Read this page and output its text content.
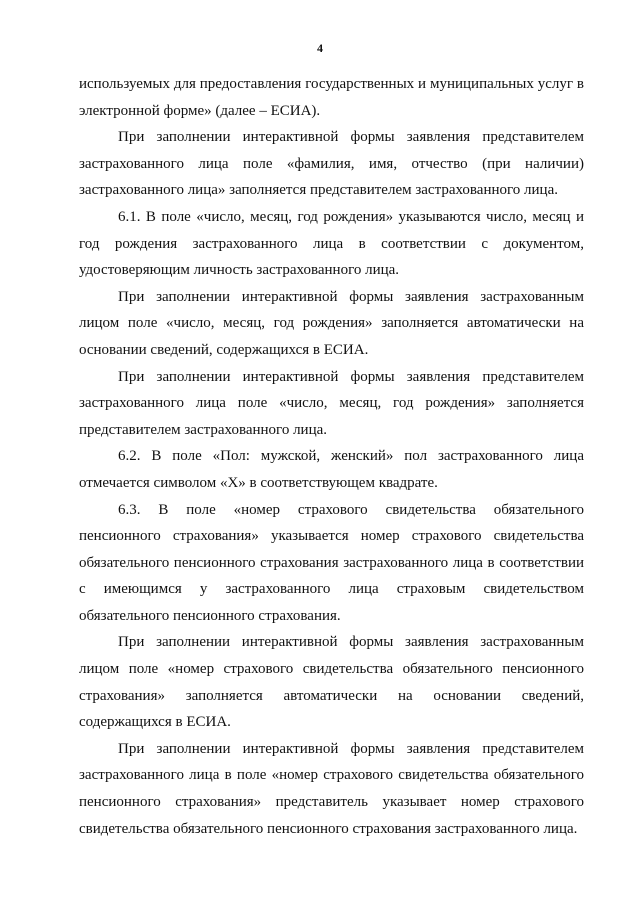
4

используемых для предоставления государственных и муниципальных услуг в электронной форме» (далее – ЕСИА).

При заполнении интерактивной формы заявления представителем застрахованного лица поле «фамилия, имя, отчество (при наличии) застрахованного лица» заполняется представителем застрахованного лица.

6.1. В поле «число, месяц, год рождения» указываются число, месяц и год рождения застрахованного лица в соответствии с документом, удостоверяющим личность застрахованного лица.

При заполнении интерактивной формы заявления застрахованным лицом поле «число, месяц, год рождения» заполняется автоматически на основании сведений, содержащихся в ЕСИА.

При заполнении интерактивной формы заявления представителем застрахованного лица поле «число, месяц, год рождения» заполняется представителем застрахованного лица.

6.2. В поле «Пол: мужской, женский» пол застрахованного лица отмечается символом «Х» в соответствующем квадрате.

6.3. В поле «номер страхового свидетельства обязательного пенсионного страхования» указывается номер страхового свидетельства обязательного пенсионного страхования застрахованного лица в соответствии с имеющимся у застрахованного лица страховым свидетельством обязательного пенсионного страхования.

При заполнении интерактивной формы заявления застрахованным лицом поле «номер страхового свидетельства обязательного пенсионного страхования» заполняется автоматически на основании сведений, содержащихся в ЕСИА.

При заполнении интерактивной формы заявления представителем застрахованного лица в поле «номер страхового свидетельства обязательного пенсионного страхования» представитель указывает номер страхового свидетельства обязательного пенсионного страхования застрахованного лица.
